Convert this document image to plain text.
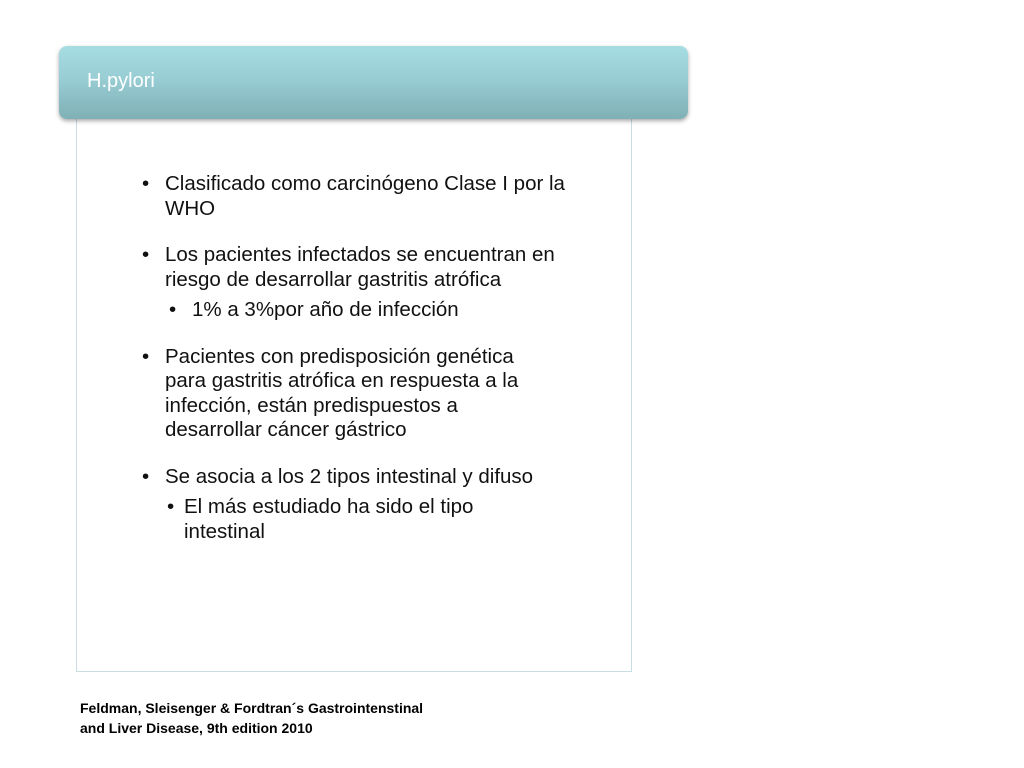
H.pylori
• Clasificado como carcinógeno Clase I por la WHO
• Los pacientes infectados se encuentran en riesgo de desarrollar gastritis atrófica
• 1% a 3%por año de infección
• Pacientes con predisposición genética para gastritis atrófica en respuesta a la infección, están predispuestos a desarrollar cáncer gástrico
• Se asocia a los 2 tipos intestinal y difuso
• El más estudiado ha sido el tipo intestinal
Feldman, Sleisenger & Fordtran´s Gastrointenstinal
and Liver Disease, 9th edition 2010
